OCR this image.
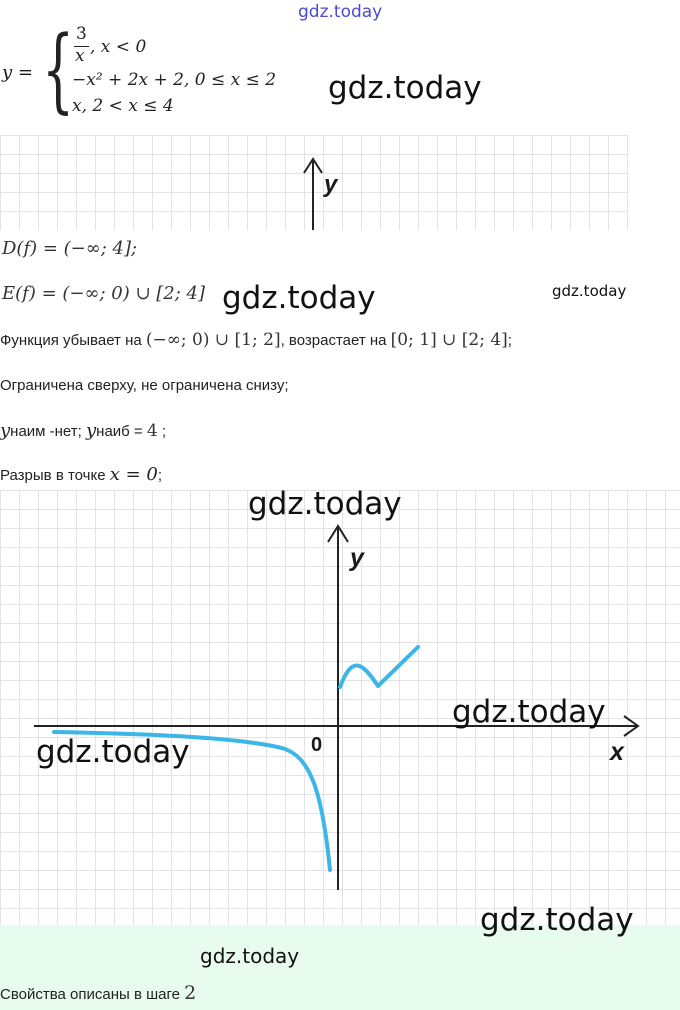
gdz.today
y = { 3
x , x < 0
−x² + 2x + 2, 0 ≤ x ≤ 2
x, 2 < x ≤ 4	gdz.today
y
D(f) = (−∞; 4];
E(f) = (−∞; 0) ∪ [2; 4] gdz.today	gdz.today
Функция убывает на (−∞; 0) ∪ [1; 2], возрастает на [0; 1] ∪ [2; 4];
Ограничена сверху, не ограничена снизу;
yнаим -нет; yнаиб = 4 ;
Разрыв в точке x = 0;
y
x
0
gdz.today
gdz.today
gdz.today
Свойства описаны в шаге 2
gdz.today
gdz.today
